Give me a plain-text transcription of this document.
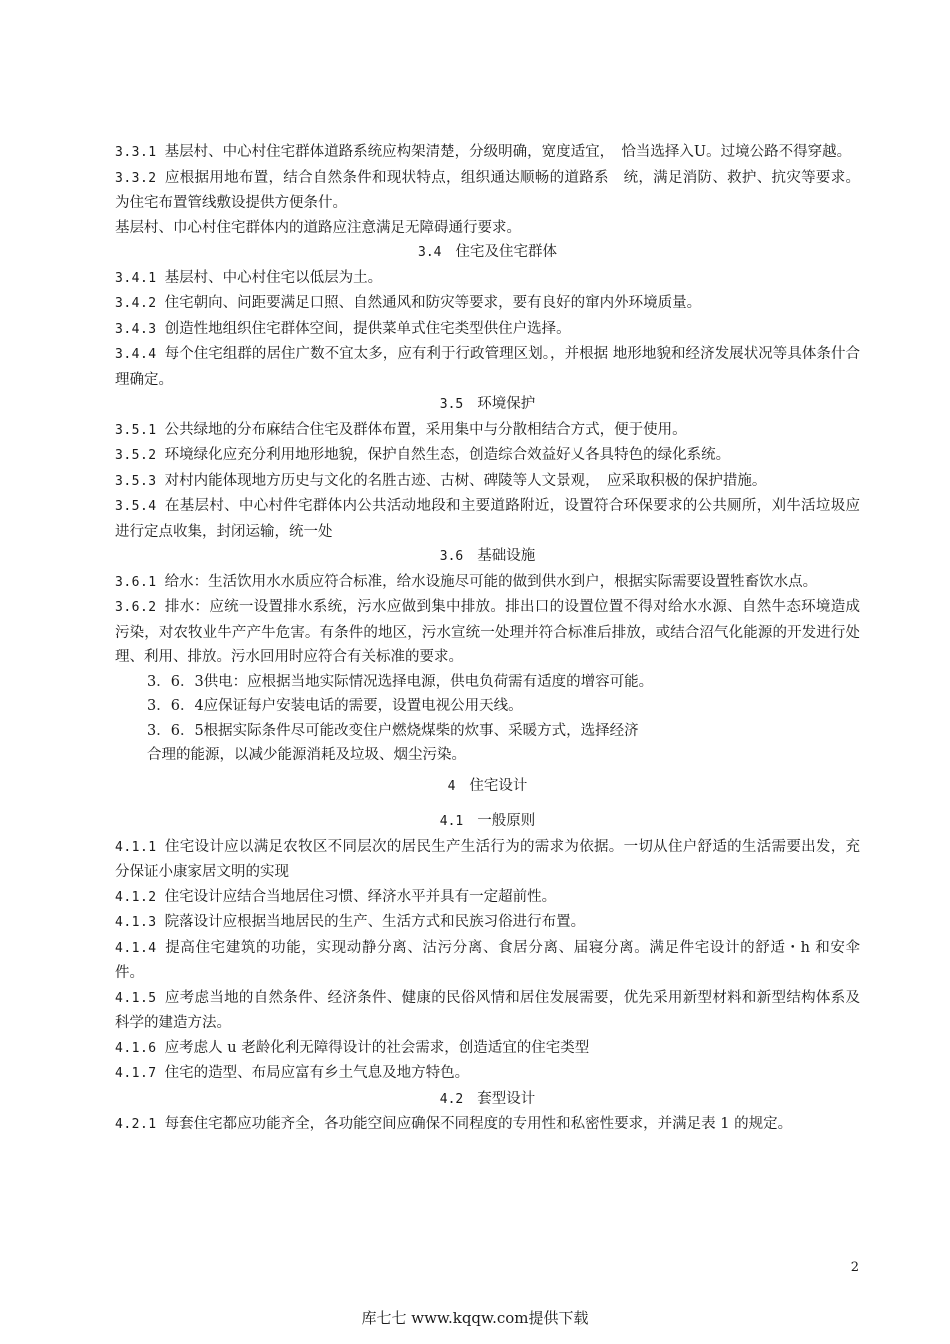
3.3.1 基层村、中心村住宅群体道路系统应构架清楚，分级明确，宽度适宜，　恰当选择入U。过境公路不得穿越。

3.3.2 应根据用地布置，结合自然条件和现状特点，组织通达顺畅的道路系　统，满足消防、救护、抗灾等要求。为住宅布置管线敷设提供方便条什。

基层村、巾心村住宅群体内的道路应注意满足无障碍通行要求。

3.4 住宅及住宅群体

3.4.1 基层村、中心村住宅以低层为土。

3.4.2 住宅朝向、问距要满足口照、自然通风和防灾等要求，要有良好的窜内外环境质量。

3.4.3 创造性地组织住宅群体空间，提供菜单式住宅类型供住户选择。

3.4.4 每个住宅组群的居住广数不宜太多，应有利于行政管理区划。，并根据 地形地貌和经济发展状况等具体条什合理确定。

3.5 环境保护

3.5.1 公共绿地的分布麻结合住宅及群体布置，采用集中与分散相结合方式，便于使用。

3.5.2 环境绿化应充分利用地形地貌，保护自然生态，创造综合效益好乂各具特色的绿化系统。

3.5.3 对村内能体现地方历史与文化的名胜古迹、古树、碑陵等人文景观，　应采取积极的保护措施。

3.5.4 在基层村、中心村件宅群体内公共活动地段和主要道路附近，设置符合环保要求的公共厕所，刈牛活垃圾应进行定点收集，封闭运输，统一处

3.6 基础设施

3.6.1 给水：生活饮用水水质应符合标准，给水设施尽可能的做到供水到户，根据实际需要设置牲畜饮水点。

3.6.2 排水：应统一设置排水系统，污水应做到集中排放。排出口的设置位置不得对给水水源、自然牛态环境造成污染，对农牧业牛产产牛危害。有条件的地区，污水宣统一处理并符合标准后排放，或结合沼气化能源的开发进行处理、利用、排放。污水回用时应符合有关标准的要求。

3．6．3供电：应根据当地实际情况选择电源，供电负荷需有适度的增容可能。

3．6．4应保证每户安装电话的需要，设置电视公用天线。

3．6．5根据实际条件尽可能改变住户燃烧煤柴的炊事、采暖方式，选择经济

合理的能源，以减少能源消耗及垃圾、烟尘污染。

4 住宅设计

4.1 一般原则

4.1.1 住宅设计应以满足农牧区不同层次的居民生产生活行为的需求为依据。一切从住户舒适的生活需要出发，充分保证小康家居文明的实现

4.1.2 住宅设计应结合当地居住习惯、绎济水平并具有一定超前性。

4.1.3 院落设计应根据当地居民的生产、生活方式和民族习俗进行布置。

4.1.4 提高住宅建筑的功能，实现动静分离、沽污分离、食居分离、届寝分离。满足件宅设计的舒适・h 和安伞件。

4.1.5 应考虑当地的自然条件、经济条件、健康的民俗风情和居住发展需要，优先采用新型材料和新型结构体系及科学的建造方法。

4.1.6 应考虑人 u 老龄化利无障得设计的社会需求，创造适宜的住宅类型

4.1.7 住宅的造型、布局应富有乡土气息及地方特色。

4.2 套型设计

4.2.1 每套住宅都应功能齐全，各功能空间应确保不同程度的专用性和私密性要求，并满足表 1 的规定。

2
库七七 www.kqqw.com提供下载
